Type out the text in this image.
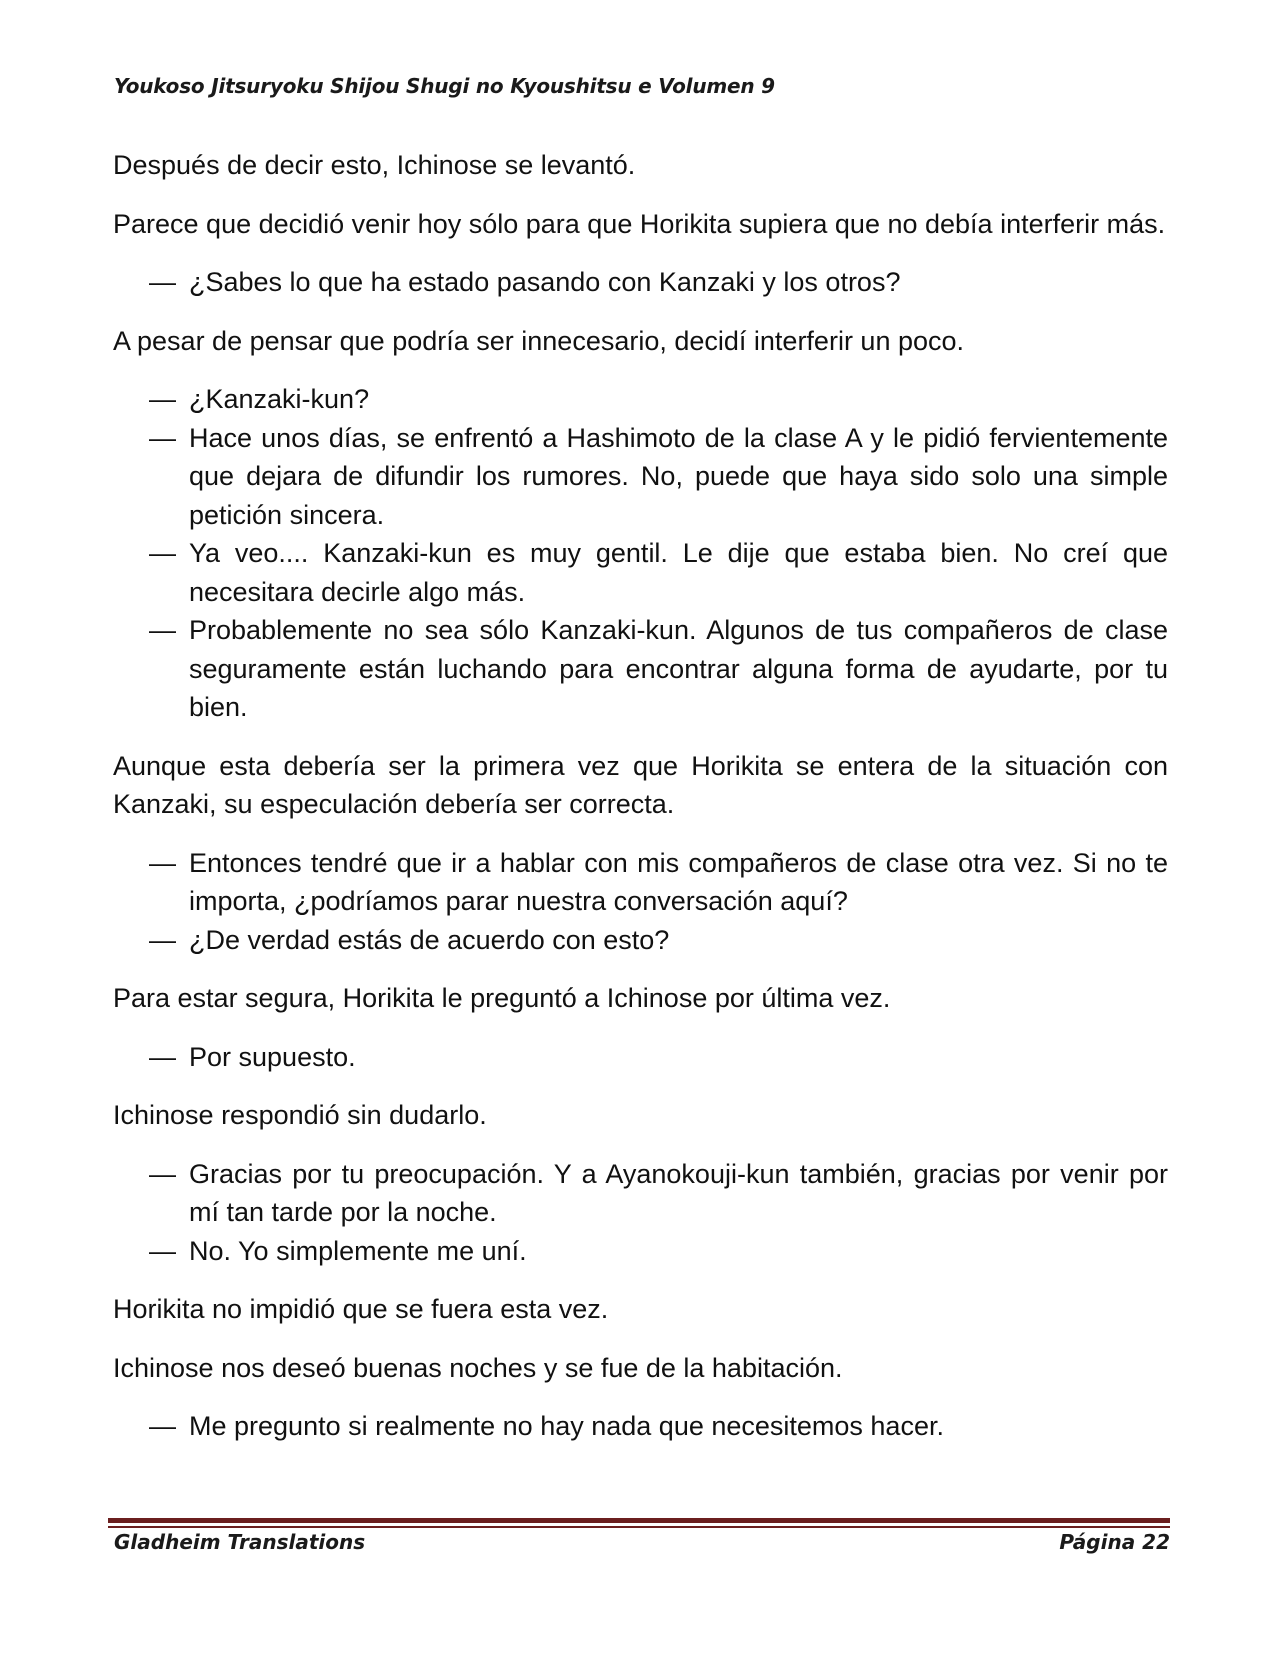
Youkoso Jitsuryoku Shijou Shugi no Kyoushitsu e Volumen 9

Después de decir esto, Ichinose se levantó.

Parece que decidió venir hoy sólo para que Horikita supiera que no debía interferir más.

— ¿Sabes lo que ha estado pasando con Kanzaki y los otros?

A pesar de pensar que podría ser innecesario, decidí interferir un poco.

— ¿Kanzaki-kun?

— Hace unos días, se enfrentó a Hashimoto de la clase A y le pidió fervientemente que dejara de difundir los rumores. No, puede que haya sido solo una simple petición sincera.

— Ya veo.... Kanzaki-kun es muy gentil. Le dije que estaba bien. No creí que necesitara decirle algo más.

— Probablemente no sea sólo Kanzaki-kun. Algunos de tus compañeros de clase seguramente están luchando para encontrar alguna forma de ayudarte, por tu bien.

Aunque esta debería ser la primera vez que Horikita se entera de la situación con Kanzaki, su especulación debería ser correcta.

— Entonces tendré que ir a hablar con mis compañeros de clase otra vez. Si no te importa, ¿podríamos parar nuestra conversación aquí?

— ¿De verdad estás de acuerdo con esto?

Para estar segura, Horikita le preguntó a Ichinose por última vez.

— Por supuesto.

Ichinose respondió sin dudarlo.

— Gracias por tu preocupación. Y a Ayanokouji-kun también, gracias por venir por mí tan tarde por la noche.

— No. Yo simplemente me uní.

Horikita no impidió que se fuera esta vez.

Ichinose nos deseó buenas noches y se fue de la habitación.

— Me pregunto si realmente no hay nada que necesitemos hacer.

Gladheim Translations	Página 22
